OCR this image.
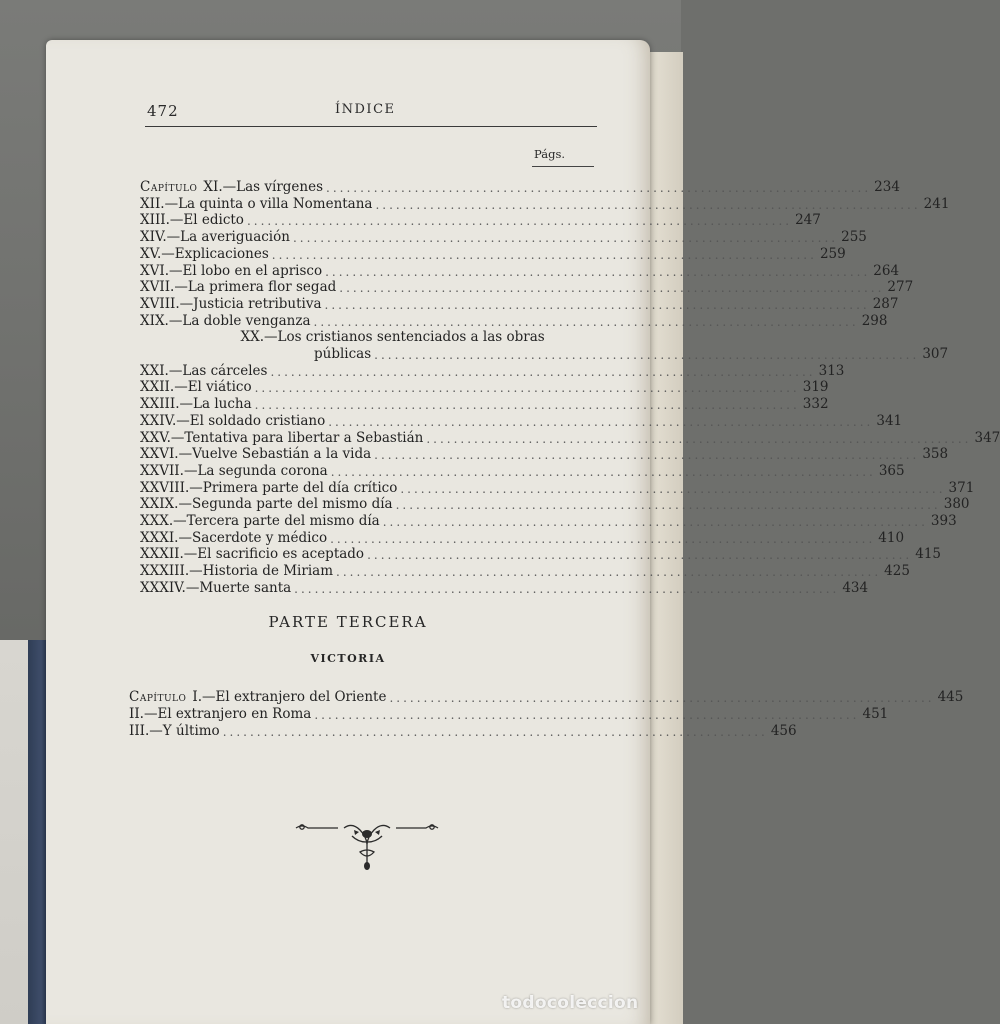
472	ÍNDICE
Págs.
Capítulo XI. — Las vírgenes ................................................................................ 234
XII. — La quinta o villa Nomentana ................................................................................ 241
XIII. — El edicto ................................................................................ 247
XIV. — La averiguación ................................................................................ 255
XV. — Explicaciones ................................................................................ 259
XVI. — El lobo en el aprisco ................................................................................ 264
XVII. — La primera flor segad ................................................................................ 277
XVIII. — Justicia retributiva ................................................................................ 287
XIX. — La doble venganza ................................................................................ 298
XX. — Los cristianos sentenciados a las obras
públicas ................................................................................ 307
XXI. — Las cárceles ................................................................................ 313
XXII. — El viático ................................................................................ 319
XXIII. — La lucha ................................................................................ 332
XXIV. — El soldado cristiano ................................................................................ 341
XXV. — Tentativa para libertar a Sebastián ................................................................................ 347
XXVI. — Vuelve Sebastián a la vida ................................................................................ 358
XXVII. — La segunda corona ................................................................................ 365
XXVIII. — Primera parte del día crítico ................................................................................ 371
XXIX. — Segunda parte del mismo día ................................................................................ 380
XXX. — Tercera parte del mismo día ................................................................................ 393
XXXI. — Sacerdote y médico ................................................................................ 410
XXXII. — El sacrificio es aceptado ................................................................................ 415
XXXIII. — Historia de Miriam ................................................................................ 425
XXXIV. — Muerte santa ................................................................................ 434
PARTE TERCERA
VICTORIA
Capítulo I. — El extranjero del Oriente ................................................................................ 445
II. — El extranjero en Roma ................................................................................ 451
III. — Y último ................................................................................ 456
todocoleccion
